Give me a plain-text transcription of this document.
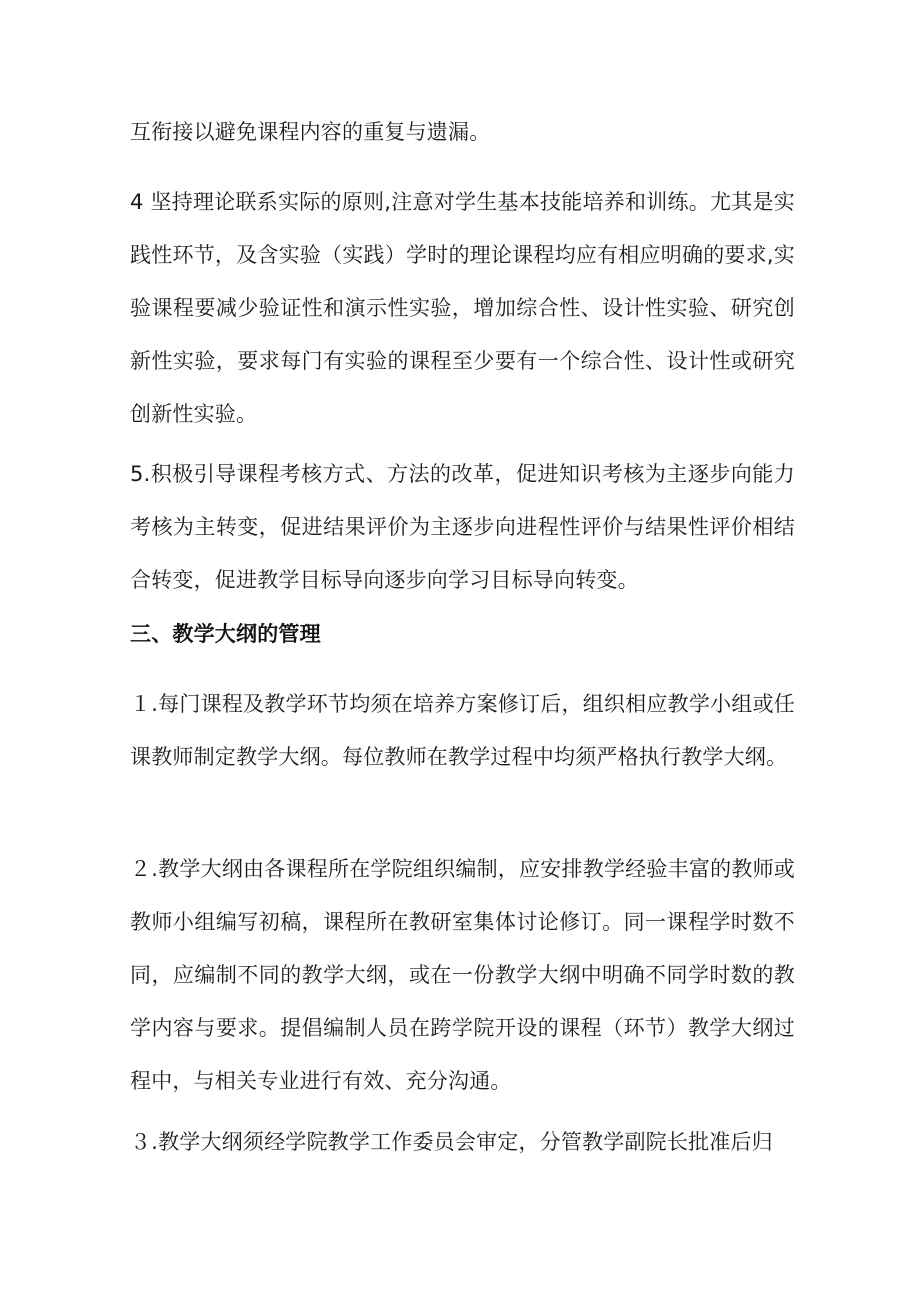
互衔接以避免课程内容的重复与遗漏。

4 坚持理论联系实际的原则,注意对学生基本技能培养和训练。尤其是实践性环节，及含实验（实践）学时的理论课程均应有相应明确的要求,实验课程要减少验证性和演示性实验，增加综合性、设计性实验、研究创新性实验，要求每门有实验的课程至少要有一个综合性、设计性或研究创新性实验。

5.积极引导课程考核方式、方法的改革，促进知识考核为主逐步向能力考核为主转变，促进结果评价为主逐步向进程性评价与结果性评价相结合转变，促进教学目标导向逐步向学习目标导向转变。

三、教学大纲的管理

１.每门课程及教学环节均须在培养方案修订后，组织相应教学小组或任课教师制定教学大纲。每位教师在教学过程中均须严格执行教学大纲。

２.教学大纲由各课程所在学院组织编制，应安排教学经验丰富的教师或教师小组编写初稿，课程所在教研室集体讨论修订。同一课程学时数不同，应编制不同的教学大纲，或在一份教学大纲中明确不同学时数的教学内容与要求。提倡编制人员在跨学院开设的课程（环节）教学大纲过程中，与相关专业进行有效、充分沟通。

３.教学大纲须经学院教学工作委员会审定，分管教学副院长批准后归
